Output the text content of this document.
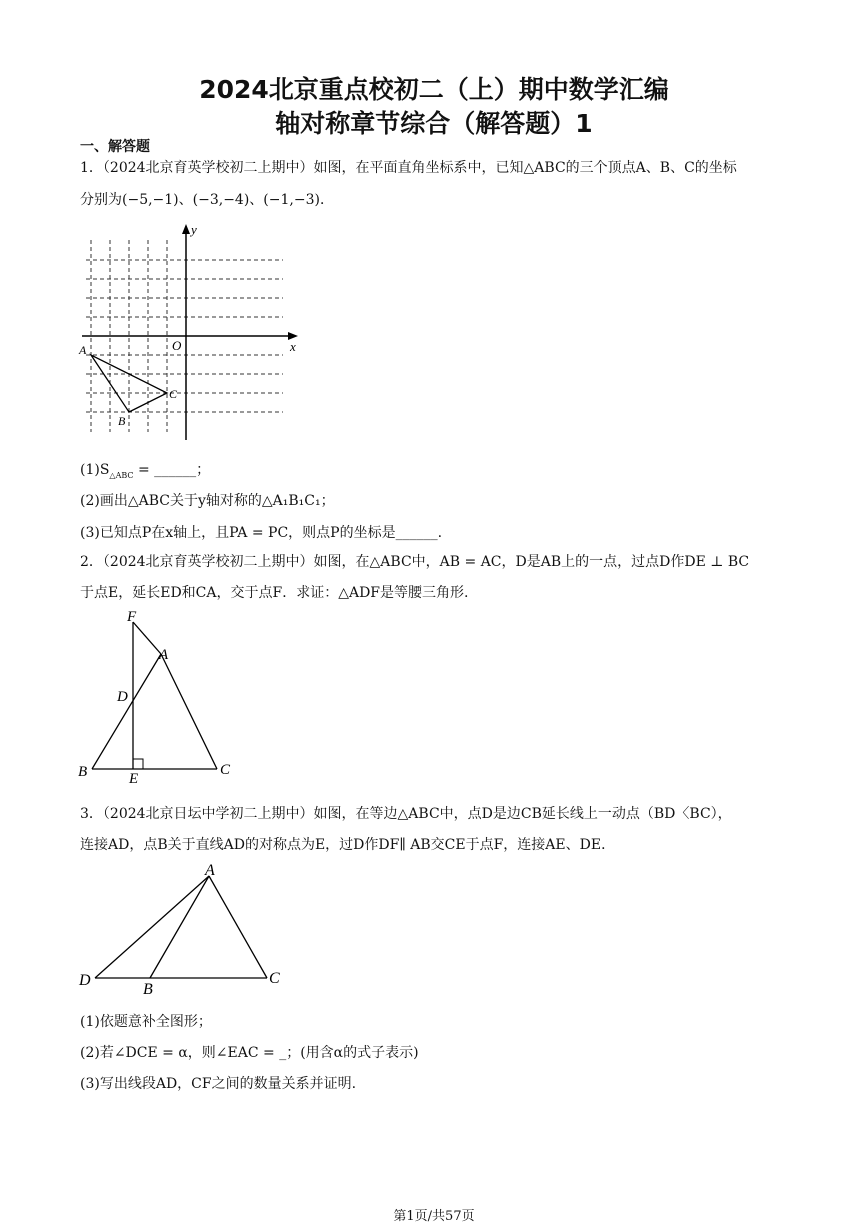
2024北京重点校初二（上）期中数学汇编
轴对称章节综合（解答题）1
一、解答题
1．（2024北京育英学校初二上期中）如图，在平面直角坐标系中，已知△ABC的三个顶点A、B、C的坐标
分别为(−5,−1)、(−3,−4)、(−1,−3)．
y
x
O
A
B
C
$(1)S_{\triangle ABC}$ = ______；
(2)画出△ABC关于y轴对称的△A₁B₁C₁；
(3)已知点P在x轴上，且PA = PC，则点P的坐标是______.
2．（2024北京育英学校初二上期中）如图，在△ABC中，AB = AC，D是AB上的一点，过点D作DE ⊥ BC
于点E，延长ED和CA，交于点F．求证：△ADF是等腰三角形.
F
A
D
B	E
C
3．（2024北京日坛中学初二上期中）如图，在等边△ABC中，点D是边CB延长线上一动点（BD〈BC），
连接AD，点B关于直线AD的对称点为E，过D作DF∥ AB交CE于点F，连接AE、DE．
A
D
B
C
(1)依题意补全图形；
(2)若∠DCE = α，则∠EAC = _；(用含α的式子表示)
(3)写出线段AD，CF之间的数量关系并证明.
第1页/共57页
